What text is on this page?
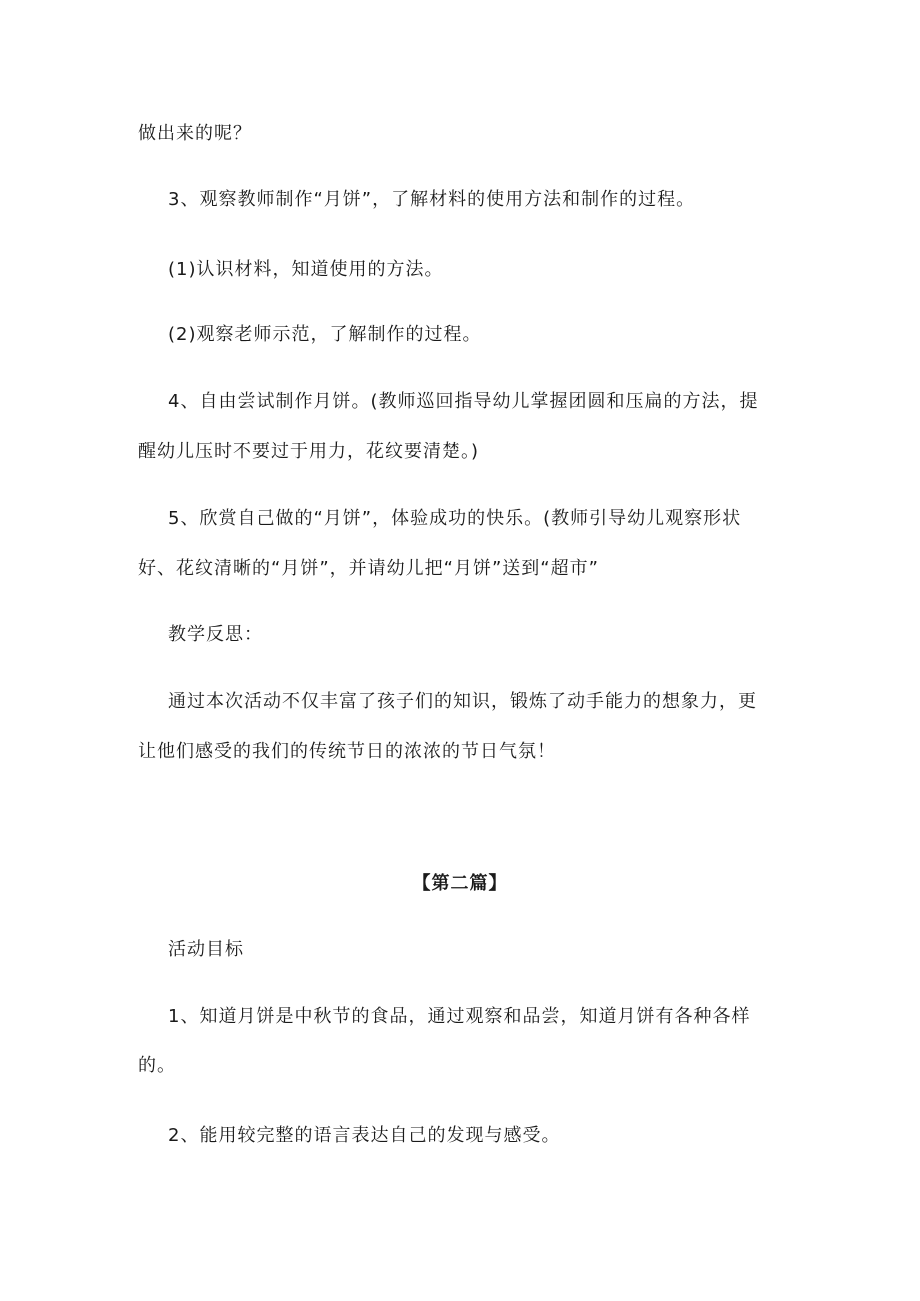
做出来的呢？
3、观察教师制作“月饼”，了解材料的使用方法和制作的过程。
(1)认识材料，知道使用的方法。
(2)观察老师示范，了解制作的过程。
4、自由尝试制作月饼。(教师巡回指导幼儿掌握团圆和压扁的方法，提
醒幼儿压时不要过于用力，花纹要清楚。)
5、欣赏自己做的“月饼”，体验成功的快乐。(教师引导幼儿观察形状
好、花纹清晰的“月饼”，并请幼儿把“月饼”送到“超市”
教学反思：
通过本次活动不仅丰富了孩子们的知识，锻炼了动手能力的想象力，更
让他们感受的我们的传统节日的浓浓的节日气氛！
【第二篇】
活动目标
1、知道月饼是中秋节的食品，通过观察和品尝，知道月饼有各种各样
的。
2、能用较完整的语言表达自己的发现与感受。
